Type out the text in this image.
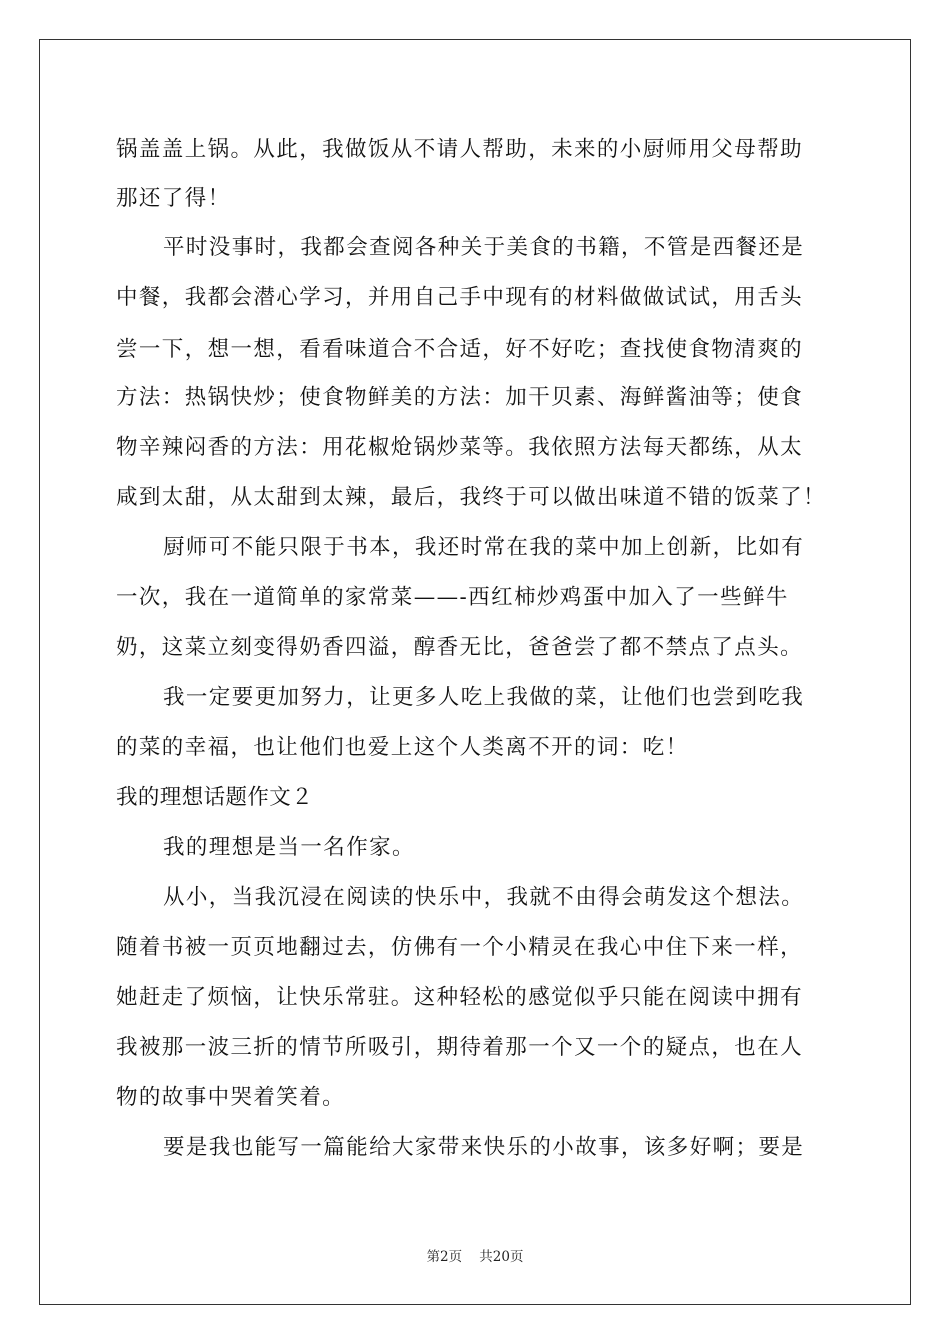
锅盖盖上锅。从此，我做饭从不请人帮助，未来的小厨师用父母帮助
那还了得！
平时没事时，我都会查阅各种关于美食的书籍，不管是西餐还是
中餐，我都会潜心学习，并用自己手中现有的材料做做试试，用舌头
尝一下，想一想，看看味道合不合适，好不好吃；查找使食物清爽的
方法：热锅快炒；使食物鲜美的方法：加干贝素、海鲜酱油等；使食
物辛辣闷香的方法：用花椒炝锅炒菜等。我依照方法每天都练，从太
咸到太甜，从太甜到太辣，最后，我终于可以做出味道不错的饭菜了！
厨师可不能只限于书本，我还时常在我的菜中加上创新，比如有
一次，我在一道简单的家常菜——-西红柿炒鸡蛋中加入了一些鲜牛
奶，这菜立刻变得奶香四溢，醇香无比，爸爸尝了都不禁点了点头。
我一定要更加努力，让更多人吃上我做的菜，让他们也尝到吃我
的菜的幸福，也让他们也爱上这个人类离不开的词：吃！
我的理想话题作文２
我的理想是当一名作家。
从小，当我沉浸在阅读的快乐中，我就不由得会萌发这个想法。
随着书被一页页地翻过去，仿佛有一个小精灵在我心中住下来一样，
她赶走了烦恼，让快乐常驻。这种轻松的感觉似乎只能在阅读中拥有
我被那一波三折的情节所吸引，期待着那一个又一个的疑点，也在人
物的故事中哭着笑着。
要是我也能写一篇能给大家带来快乐的小故事，该多好啊；要是
第2页 共20页
